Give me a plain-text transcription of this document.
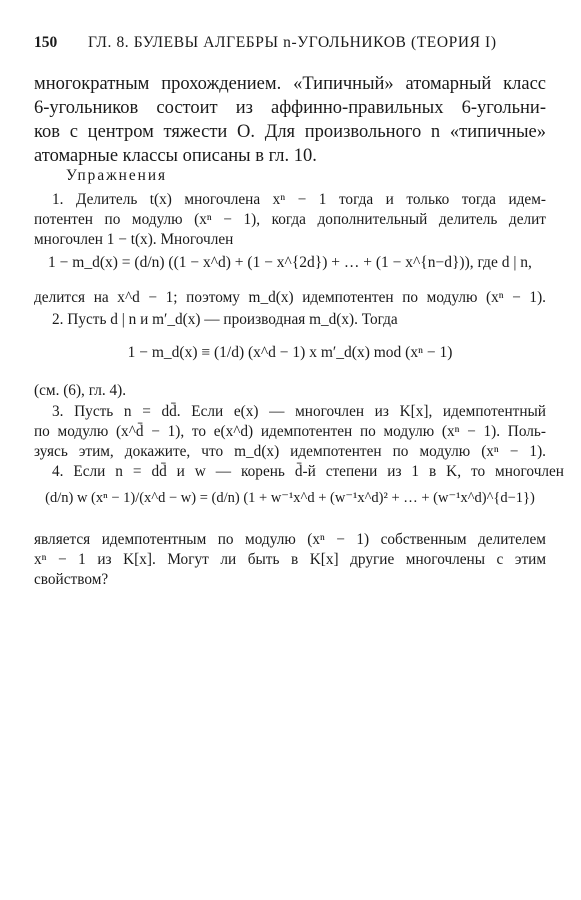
150 ГЛ. 8. БУЛЕВЫ АЛГЕБРЫ n-УГОЛЬНИКОВ (ТЕОРИЯ I)
многократным прохождением. «Типичный» атомарный класс
6-угольников состоит из аффинно-правильных 6-угольни-
ков с центром тяжести O. Для произвольного n «типичные»
атомарные классы описаны в гл. 10.
Упражнения
1. Делитель t(x) многочлена xⁿ − 1 тогда и только тогда идем-
потентен по модулю (xⁿ − 1), когда дополнительный делитель делит
многочлен 1 − t(x). Многочлен
1 − m_d(x) = (d/n) ((1 − x^d) + (1 − x^{2d}) + … + (1 − x^{n−d})), где d | n,
делится на x^d − 1; поэтому m_d(x) идемпотентен по модулю (xⁿ − 1).
2. Пусть d | n и m′_d(x) — производная m_d(x). Тогда
1 − m_d(x) ≡ (1/d) (x^d − 1) x m′_d(x) mod (xⁿ − 1)
(см. (6), гл. 4).
3. Пусть n = dd̄. Если e(x) — многочлен из K[x], идемпотентный
по модулю (x^d̄ − 1), то e(x^d) идемпотентен по модулю (xⁿ − 1). Поль-
зуясь этим, докажите, что m_d(x) идемпотентен по модулю (xⁿ − 1).
4. Если n = dd̄ и w — корень d̄-й степени из 1 в K, то многочлен
(d/n) w (xⁿ − 1)/(x^d − w) = (d/n) (1 + w⁻¹x^d + (w⁻¹x^d)² + … + (w⁻¹x^d)^{d̄−1})
является идемпотентным по модулю (xⁿ − 1) собственным делителем
xⁿ − 1 из K[x]. Могут ли быть в K[x] другие многочлены с этим
свойством?
